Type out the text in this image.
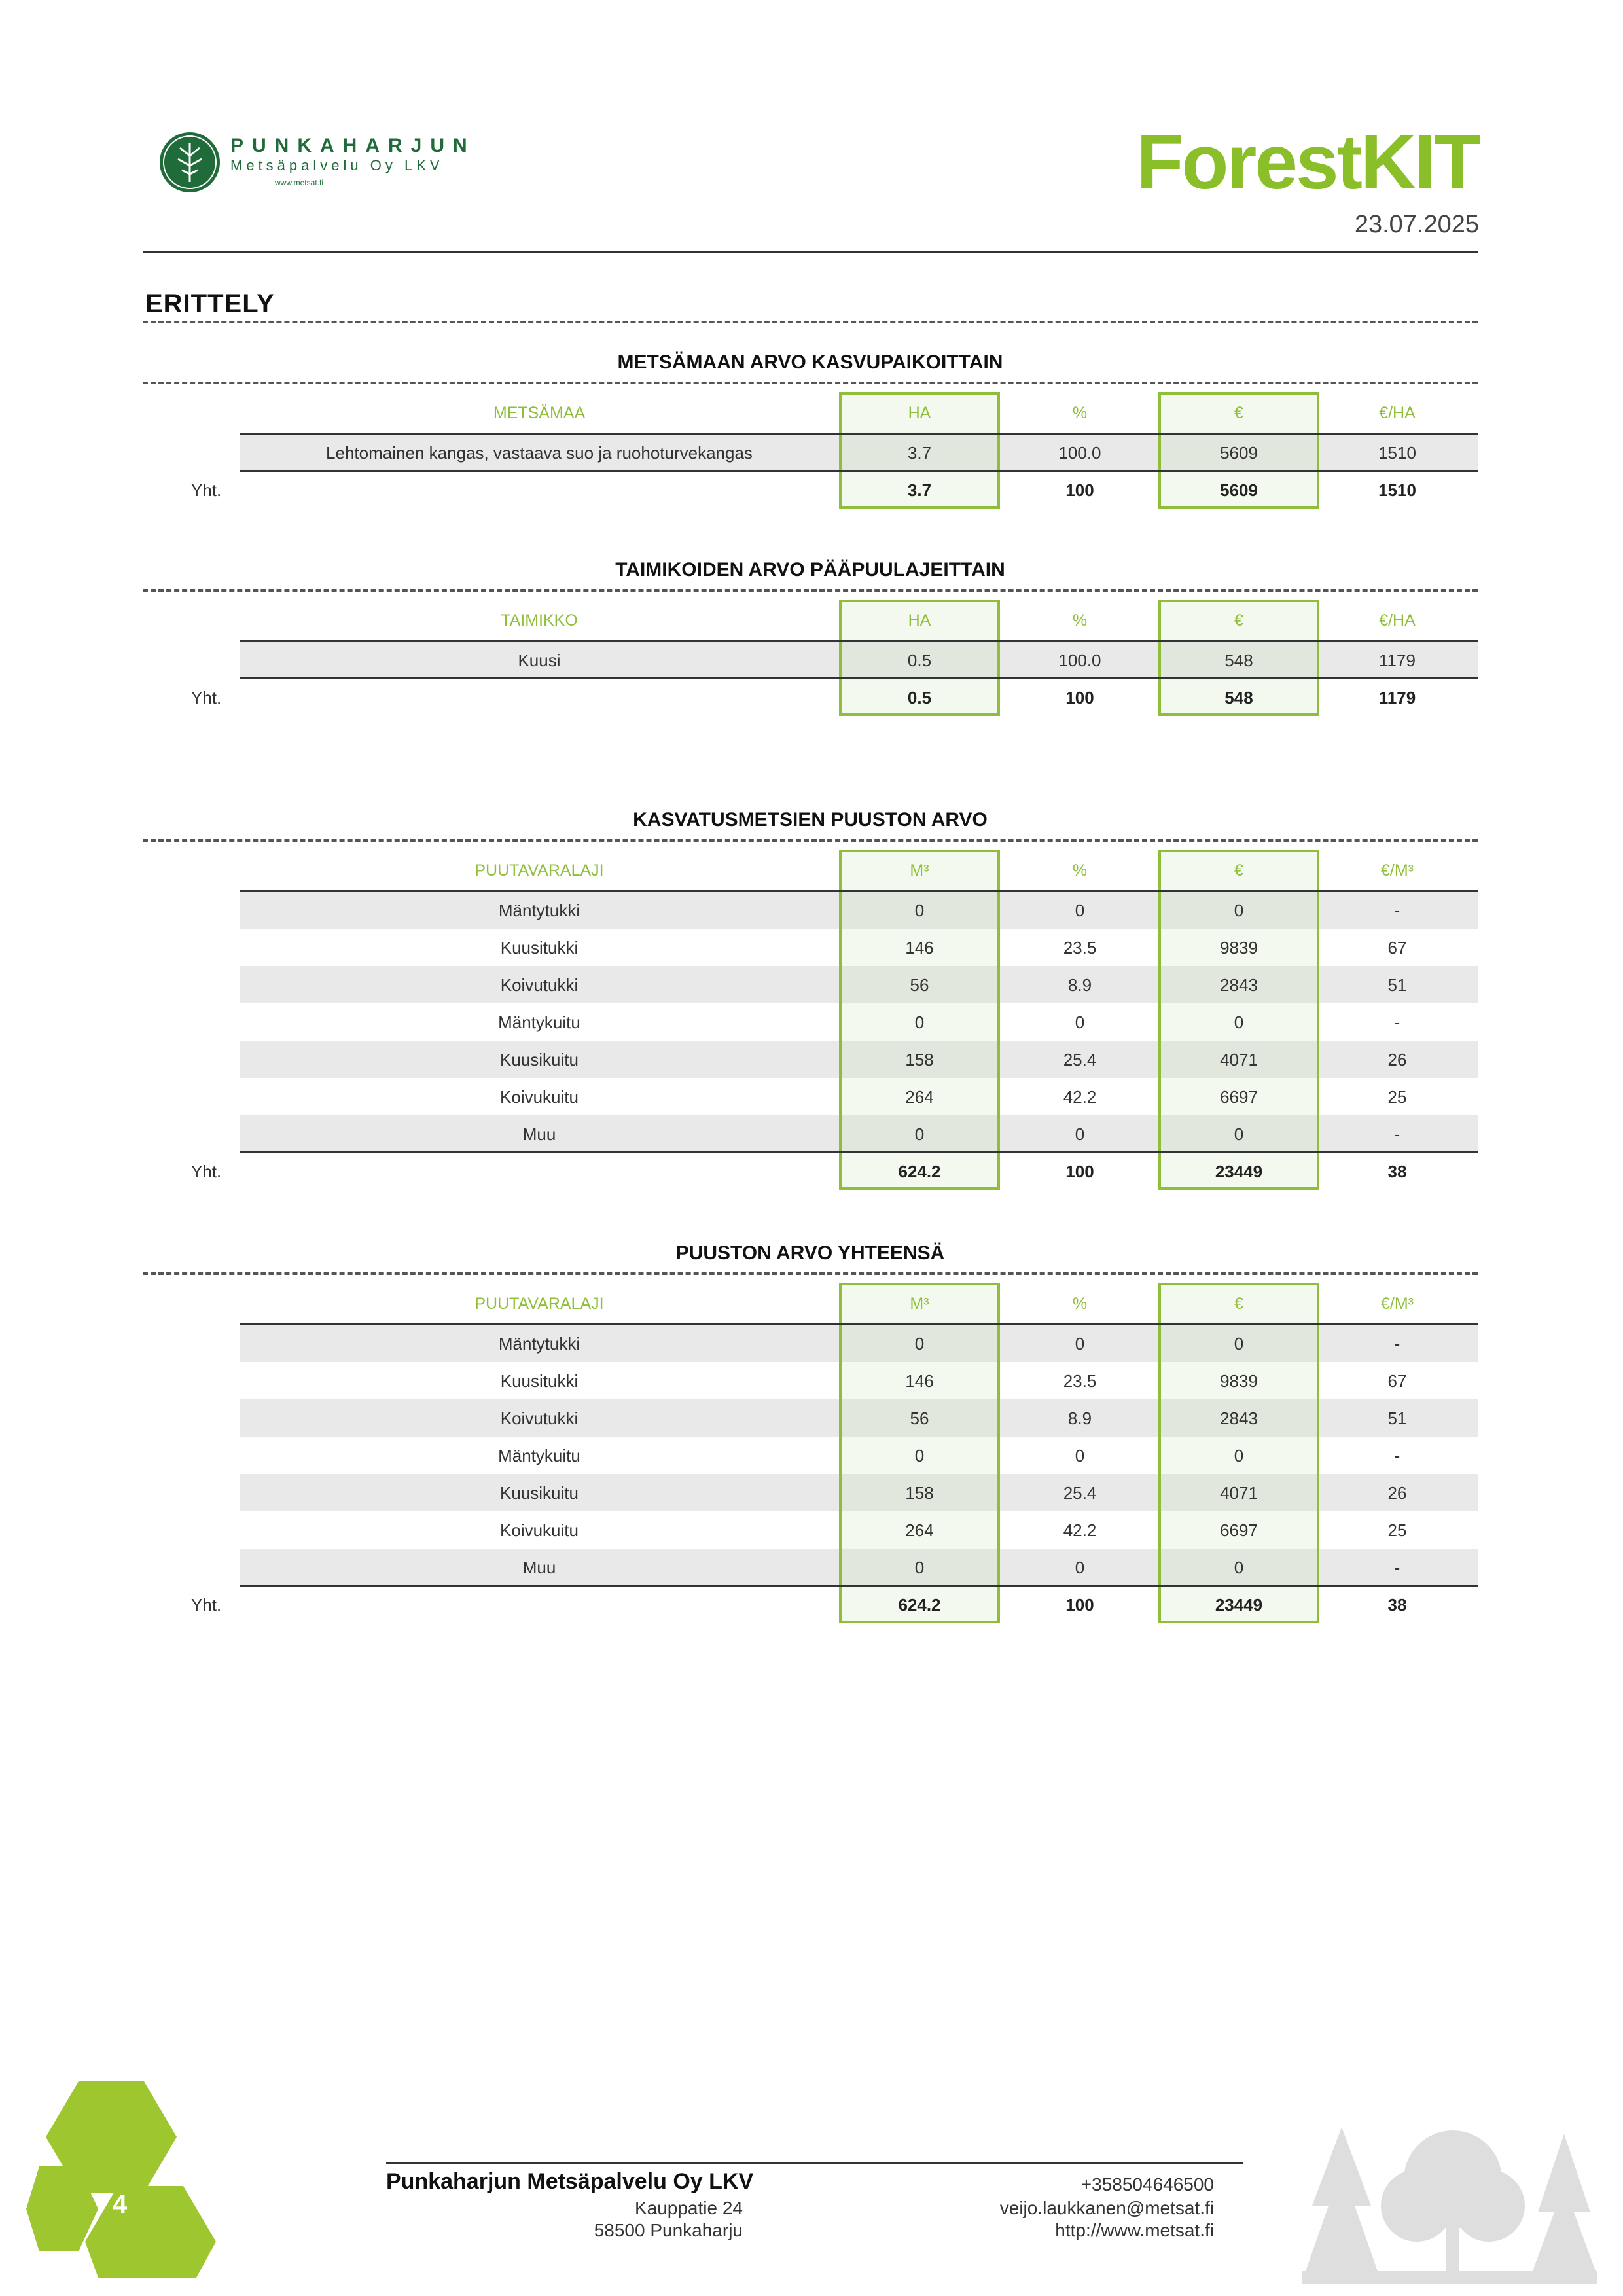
PUNKAHARJUN
Metsäpalvelu Oy LKV
www.metsat.fi	ForestKIT
23.07.2025
ERITTELY
METSÄMAAN ARVO KASVUPAIKOITTAIN
METSÄMAA	HA	%	€	€/HA
Lehtomainen kangas, vastaava suo ja ruohoturvekangas	3.7	100.0	5609	1510
Yht.	3.7	100	5609	1510
TAIMIKOIDEN ARVO PÄÄPUULAJEITTAIN
TAIMIKKO	HA	%	€	€/HA
Kuusi	0.5	100.0	548	1179
Yht.	0.5	100	548	1179
KASVATUSMETSIEN PUUSTON ARVO
PUUTAVARALAJI	M³	%	€	€/M³
Mäntytukki	0	0	0	-
Kuusitukki	146	23.5	9839	67
Koivutukki	56	8.9	2843	51
Mäntykuitu	0	0	0	-
Kuusikuitu	158	25.4	4071	26
Koivukuitu	264	42.2	6697	25
Muu	0	0	0	-
Yht.	624.2	100	23449	38
PUUSTON ARVO YHTEENSÄ
PUUTAVARALAJI	M³	%	€	€/M³
Mäntytukki	0	0	0	-
Kuusitukki	146	23.5	9839	67
Koivutukki	56	8.9	2843	51
Mäntykuitu	0	0	0	-
Kuusikuitu	158	25.4	4071	26
Koivukuitu	264	42.2	6697	25
Muu	0	0	0	-
Yht.	624.2	100	23449	38
4
Punkaharjun Metsäpalvelu Oy LKV
Kauppatie 24
58500 Punkaharju
+358504646500
veijo.laukkanen@metsat.fi
http://www.metsat.fi
